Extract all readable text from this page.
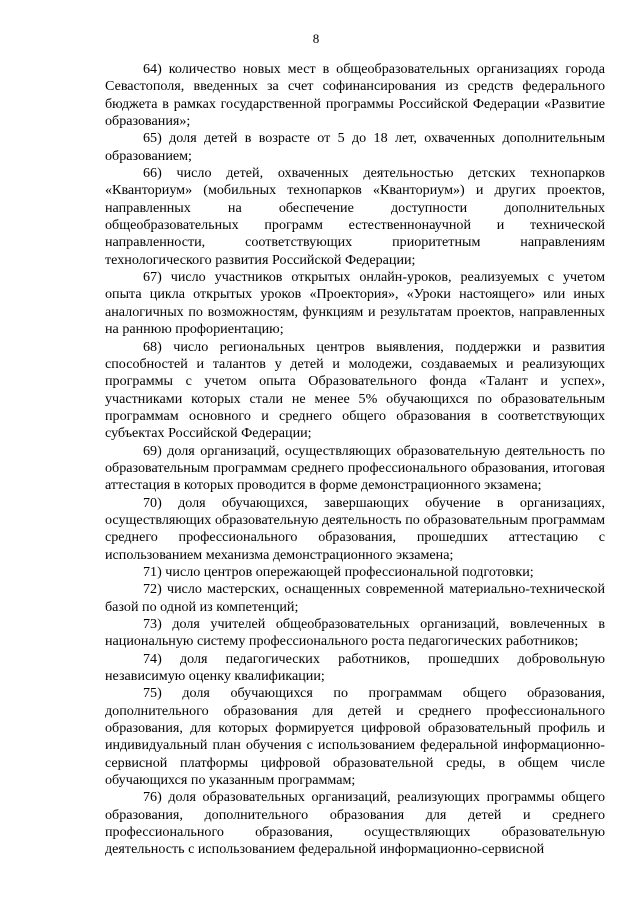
8

64) количество новых мест в общеобразовательных организациях города Севастополя, введенных за счет софинансирования из средств федерального бюджета в рамках государственной программы Российской Федерации «Развитие образования»;

65) доля детей в возрасте от 5 до 18 лет, охваченных дополнительным образованием;

66) число детей, охваченных деятельностью детских технопарков «Кванториум» (мобильных технопарков «Кванториум») и других проектов, направленных на обеспечение доступности дополнительных общеобразовательных программ естественнонаучной и технической направленности, соответствующих приоритетным направлениям технологического развития Российской Федерации;

67) число участников открытых онлайн-уроков, реализуемых с учетом опыта цикла открытых уроков «Проектория», «Уроки настоящего» или иных аналогичных по возможностям, функциям и результатам проектов, направленных на раннюю профориентацию;

68) число региональных центров выявления, поддержки и развития способностей и талантов у детей и молодежи, создаваемых и реализующих программы с учетом опыта Образовательного фонда «Талант и успех», участниками которых стали не менее 5% обучающихся по образовательным программам основного и среднего общего образования в соответствующих субъектах Российской Федерации;

69) доля организаций, осуществляющих образовательную деятельность по образовательным программам среднего профессионального образования, итоговая аттестация в которых проводится в форме демонстрационного экзамена;

70) доля обучающихся, завершающих обучение в организациях, осуществляющих образовательную деятельность по образовательным программам среднего профессионального образования, прошедших аттестацию с использованием механизма демонстрационного экзамена;

71) число центров опережающей профессиональной подготовки;

72) число мастерских, оснащенных современной материально-технической базой по одной из компетенций;

73) доля учителей общеобразовательных организаций, вовлеченных в национальную систему профессионального роста педагогических работников;

74) доля педагогических работников, прошедших добровольную независимую оценку квалификации;

75) доля обучающихся по программам общего образования, дополнительного образования для детей и среднего профессионального образования, для которых формируется цифровой образовательный профиль и индивидуальный план обучения с использованием федеральной информационно-сервисной платформы цифровой образовательной среды, в общем числе обучающихся по указанным программам;

76) доля образовательных организаций, реализующих программы общего образования, дополнительного образования для детей и среднего профессионального образования, осуществляющих образовательную деятельность с использованием федеральной информационно-сервисной
